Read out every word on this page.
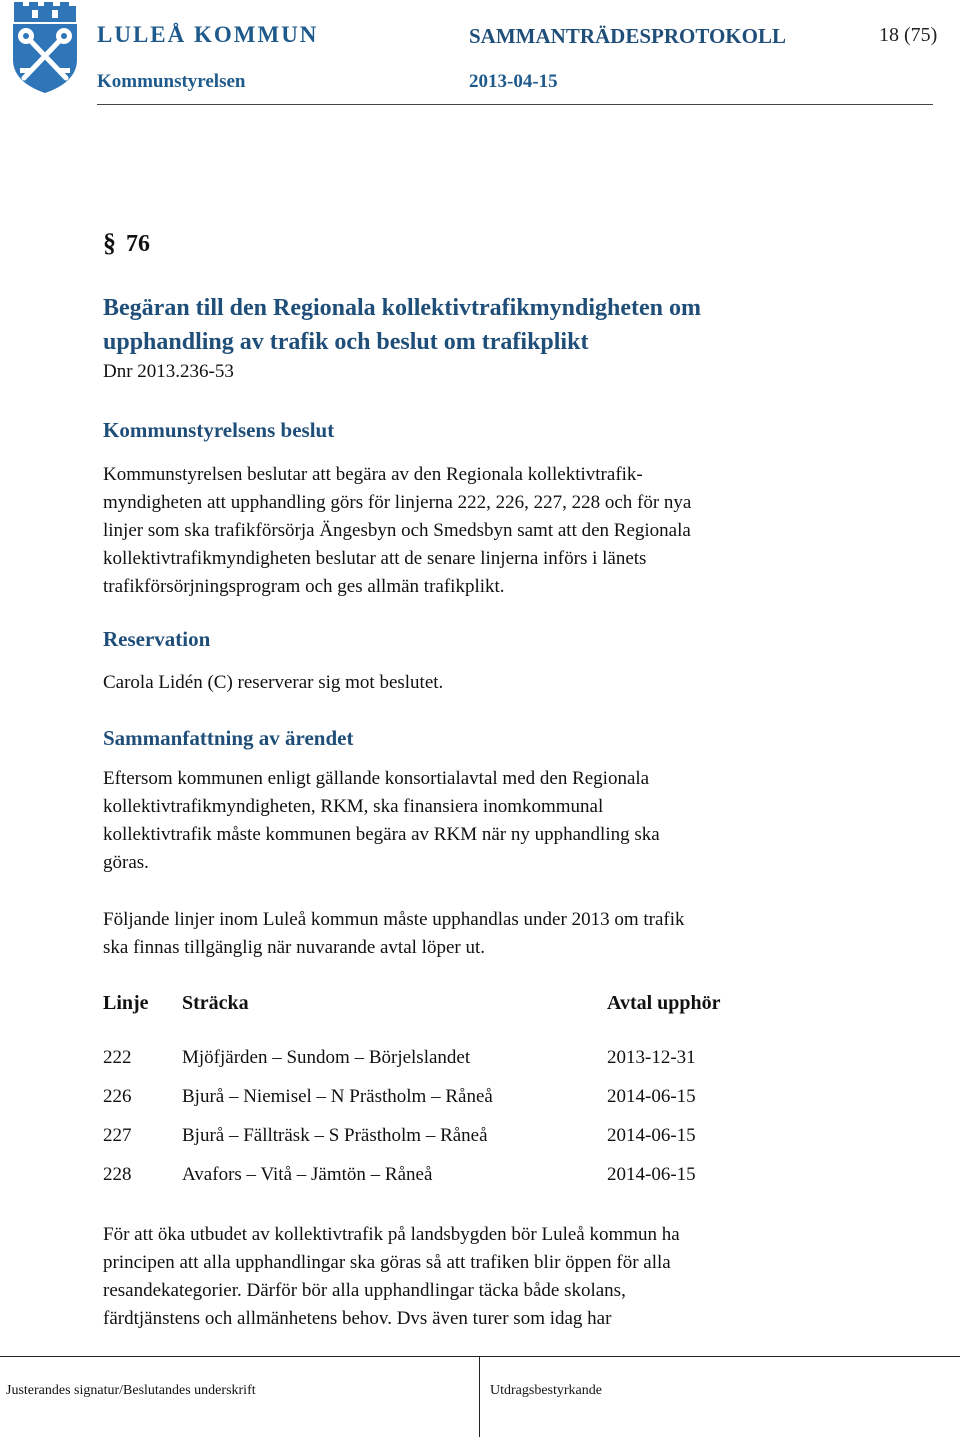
LULEÅ KOMMUN	SAMMANTRÄDESPROTOKOLL	18 (75)
Kommunstyrelsen	2013-04-15
§ 76
Begäran till den Regionala kollektivtrafikmyndigheten om
upphandling av trafik och beslut om trafikplikt
Dnr 2013.236-53
Kommunstyrelsens beslut

Kommunstyrelsen beslutar att begära av den Regionala kollektivtrafik-

myndigheten att upphandling görs för linjerna 222, 226, 227, 228 och för nya

linjer som ska trafikförsörja Ängesbyn och Smedsbyn samt att den Regionala

kollektivtrafikmyndigheten beslutar att de senare linjerna införs i länets

trafikförsörjningsprogram och ges allmän trafikplikt.

Reservation

Carola Lidén (C) reserverar sig mot beslutet.

Sammanfattning av ärendet

Eftersom kommunen enligt gällande konsortialavtal med den Regionala

kollektivtrafikmyndigheten, RKM, ska finansiera inomkommunal

kollektivtrafik måste kommunen begära av RKM när ny upphandling ska

göras.

Följande linjer inom Luleå kommun måste upphandlas under 2013 om trafik

ska finnas tillgänglig när nuvarande avtal löper ut.

Linje Sträcka	Avtal upphör
222	Mjöfjärden – Sundom – Börjelslandet	2013-12-31
226	Bjurå – Niemisel – N Prästholm – Råneå	2014-06-15
227	Bjurå – Fällträsk – S Prästholm – Råneå	2014-06-15
228	Avafors – Vitå – Jämtön – Råneå	2014-06-15

För att öka utbudet av kollektivtrafik på landsbygden bör Luleå kommun ha

principen att alla upphandlingar ska göras så att trafiken blir öppen för alla

resandekategorier. Därför bör alla upphandlingar täcka både skolans,

färdtjänstens och allmänhetens behov. Dvs även turer som idag har

Justerandes signatur/Beslutandes underskrift	Utdragsbestyrkande
